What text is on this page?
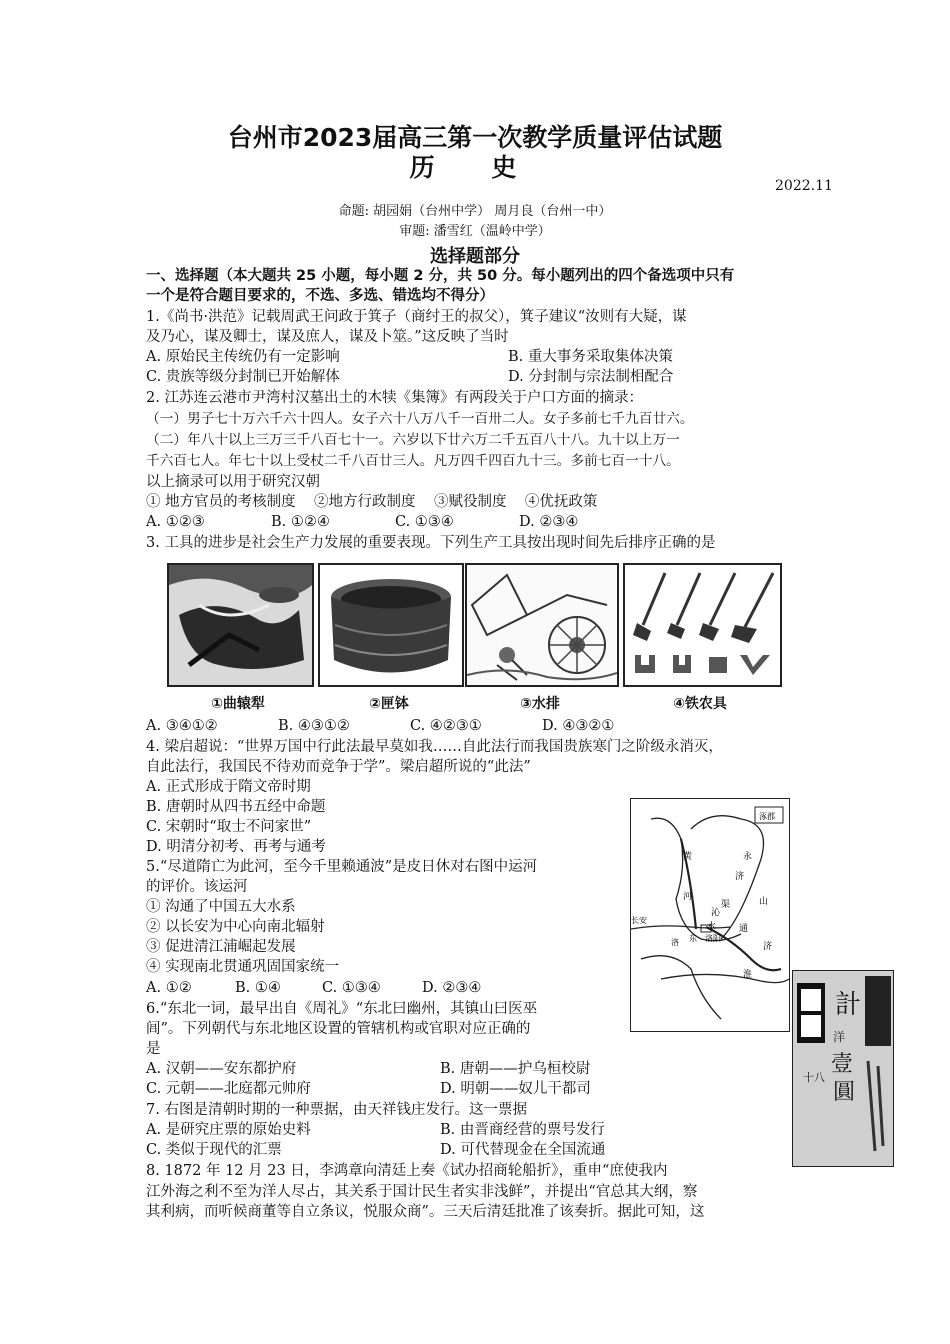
台州市2023届高三第一次教学质量评估试题
历 史
2022.11
命题: 胡园娟（台州中学） 周月良（台州一中）
审题: 潘雪红（温岭中学）
选择题部分
一、选择题（本大题共 25 小题，每小题 2 分，共 50 分。每小题列出的四个备选项中只有
一个是符合题目要求的，不选、多选、错选均不得分）
1.《尚书·洪范》记载周武王问政于箕子（商纣王的叔父），箕子建议“汝则有大疑，谋
及乃心，谋及卿士，谋及庶人，谋及卜筮。”这反映了当时
A. 原始民主传统仍有一定影响	B. 重大事务采取集体决策
C. 贵族等级分封制已开始解体	D. 分封制与宗法制相配合
2. 江苏连云港市尹湾村汉墓出土的木犊《集簿》有两段关于户口方面的摘录：
（一）男子七十万六千六十四人。女子六十八万八千一百卅二人。女子多前七千九百廿六。
（二）年八十以上三万三千八百七十一。六岁以下廿六万二千五百八十八。九十以上万一
千六百七人。年七十以上受杖二千八百廿三人。凡万四千四百九十三。多前七百一十八。
以上摘录可以用于研究汉朝
① 地方官员的考核制度    ②地方行政制度    ③赋役制度    ④优抚政策
A. ①②③	B. ①②④	C. ①③④	D. ②③④
3. 工具的进步是社会生产力发展的重要表现。下列生产工具按出现时间先后排序正确的是
①曲辕犁	②匣钵	③水排	④铁农具
A. ③④①②	B. ④③①②	C. ④②③①	D. ④③②①
4. 梁启超说：“世界万国中行此法最早莫如我……自此法行而我国贵族寒门之阶级永消灭，
自此法行，我国民不待劝而竞争于学”。梁启超所说的“此法”
A. 正式形成于隋文帝时期
B. 唐朝时从四书五经中命题
C. 宋朝时“取士不问家世”
D. 明清分初考、再考与通考
涿郡
黄	永
济
河
沁
渠
水
山
长安
洛 东 洛阳
通
济
淮
計
洋
壹
圓
十八
5.“尽道隋亡为此河，至今千里赖通波”是皮日休对右图中运河
的评价。该运河
① 沟通了中国五大水系
② 以长安为中心向南北辐射
③ 促进清江浦崛起发展
④ 实现南北贯通巩固国家统一
A. ①②	B. ①④	C. ①③④	D. ②③④
6.“东北一词，最早出自《周礼》“东北曰幽州，其镇山曰医巫
闾”。下列朝代与东北地区设置的管辖机构或官职对应正确的
是
A. 汉朝——安东都护府	B. 唐朝——护乌桓校尉
C. 元朝——北庭都元帅府	D. 明朝——奴儿干都司
7. 右图是清朝时期的一种票据，由天祥钱庄发行。这一票据
A. 是研究庄票的原始史料	B. 由晋商经营的票号发行
C. 类似于现代的汇票	D. 可代替现金在全国流通
8. 1872 年 12 月 23 日，李鸿章向清廷上奏《试办招商轮船折》，重申“庶使我内
江外海之利不至为洋人尽占，其关系于国计民生者实非浅鲜”，并提出“官总其大纲，察
其利病，而听候商董等自立条议，悦服众商”。三天后清廷批准了该奏折。据此可知，这
